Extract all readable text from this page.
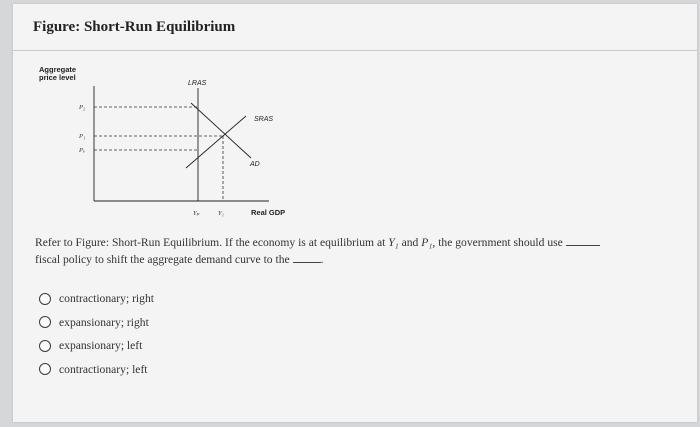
Figure: Short-Run Equilibrium
Aggregate
price level
LRAS
SRAS
AD
P₂
P₁
Pₑ
Yₚ	Y₁	Real GDP
Refer to Figure: Short-Run Equilibrium. If the economy is at equilibrium at Y₁ and P₁, the government should use
fiscal policy to shift the aggregate demand curve to the .
contractionary; right
expansionary; right
expansionary; left
contractionary; left
